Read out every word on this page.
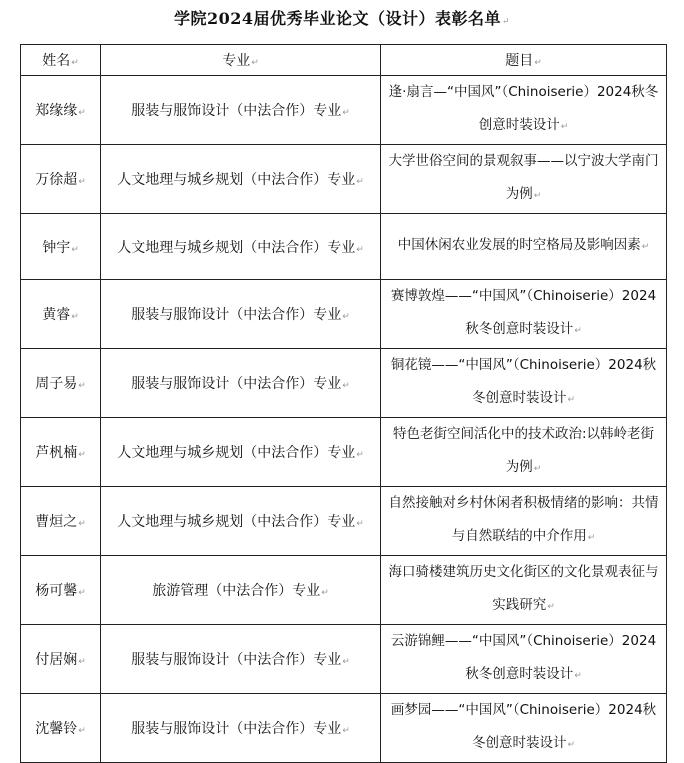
学院2024届优秀毕业论文（设计）表彰名单↵
姓名↵	专业↵	题目↵
郑缘缘↵	服装与服饰设计（中法合作）专业↵	逢·扇言—“中国风”（Chinoiserie）2024秋冬创意时装设计↵
万徐超↵	人文地理与城乡规划（中法合作）专业↵	大学世俗空间的景观叙事——以宁波大学南门为例↵
钟宇↵	人文地理与城乡规划（中法合作）专业↵	中国休闲农业发展的时空格局及影响因素↵
黄睿↵	服装与服饰设计（中法合作）专业↵	赛博敦煌——“中国风”（Chinoiserie）2024秋冬创意时装设计↵
周子易↵	服装与服饰设计（中法合作）专业↵	铜花镜——“中国风”（Chinoiserie）2024秋冬创意时装设计↵
芦杋楠↵	人文地理与城乡规划（中法合作）专业↵	特色老街空间活化中的技术政治:以韩岭老街为例↵
曹烜之↵	人文地理与城乡规划（中法合作）专业↵	自然接触对乡村休闲者积极情绪的影响：共情与自然联结的中介作用↵
杨可馨↵	旅游管理（中法合作）专业↵	海口骑楼建筑历史文化街区的文化景观表征与实践研究↵
付居娴↵	服装与服饰设计（中法合作）专业↵	云游锦鲤——“中国风”（Chinoiserie）2024秋冬创意时装设计↵
沈馨铃↵	服装与服饰设计（中法合作）专业↵	画梦园——“中国风”（Chinoiserie）2024秋冬创意时装设计↵
